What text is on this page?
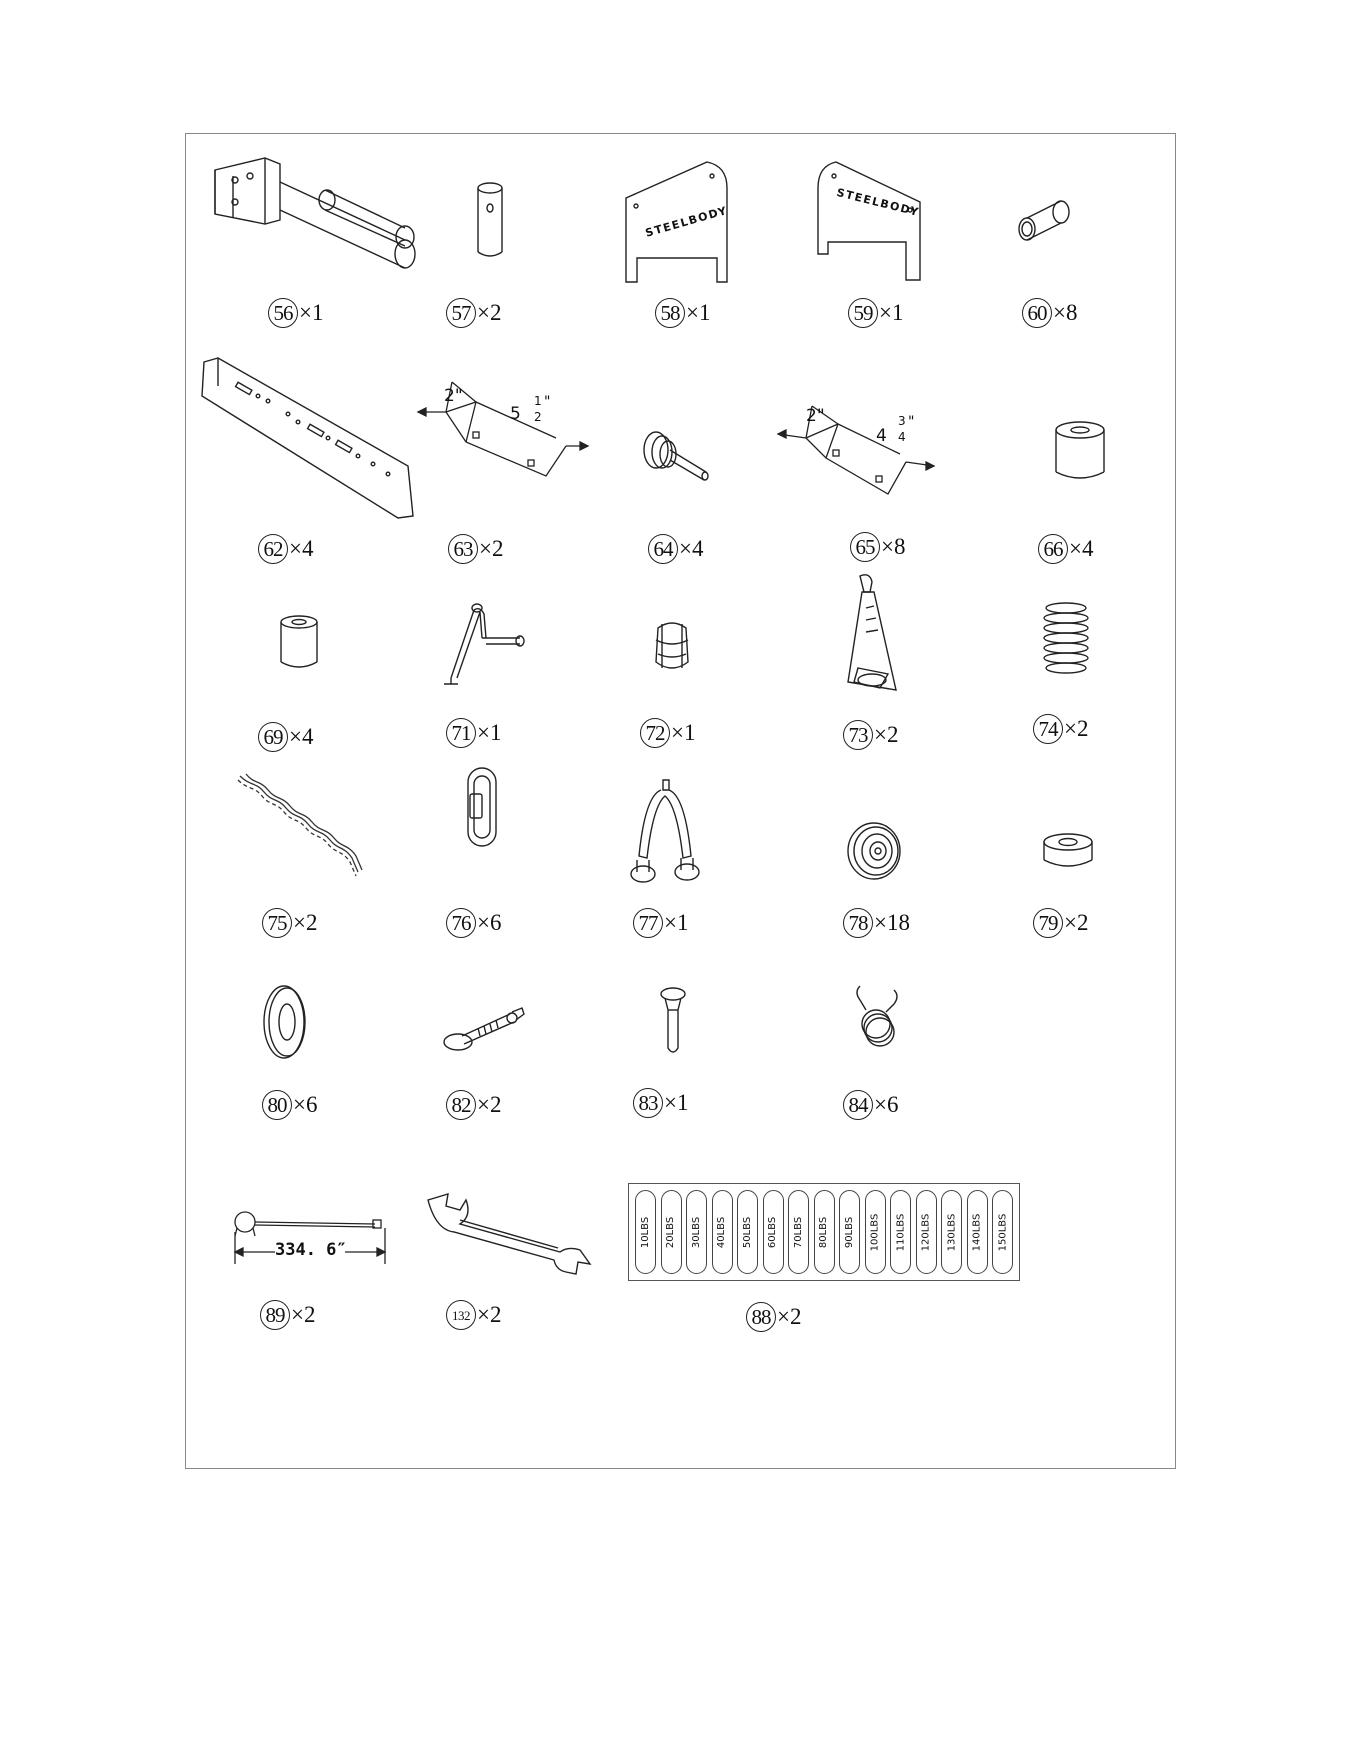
56 ×1	57 ×2
STEELBODY
58 ×1
STEELBODY
59 ×1	60 ×8
62 ×4
2"
5
1
2
"
63 ×2	64 ×4
2"
4
3
4
"
65 ×8	66 ×4
69 ×4	71 ×1	72 ×1	73 ×2	74 ×2
75 ×2	76 ×6	77 ×1	78 ×18	79 ×2
80 ×6	82 ×2	83 ×1	84 ×6
334. 6″
89 ×2	132 ×2
10LBS 20LBS 30LBS 40LBS 50LBS 60LBS 70LBS 80LBS 90LBS 100LBS 110LBS 120LBS 130LBS 140LBS 150LBS
88 ×2
